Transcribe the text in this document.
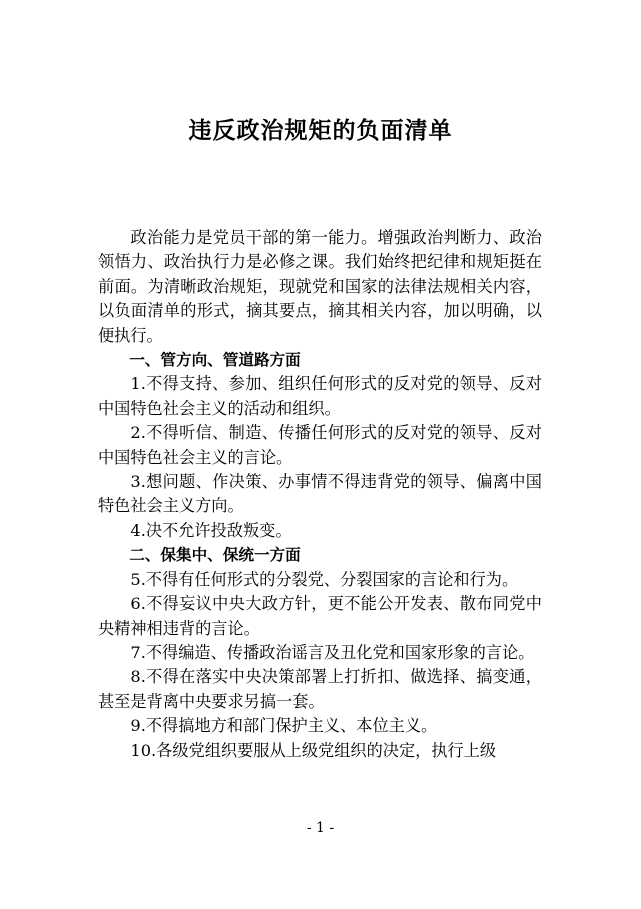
违反政治规矩的负面清单

政治能力是党员干部的第一能力。增强政治判断力、政治领悟力、政治执行力是必修之课。我们始终把纪律和规矩挺在前面。为清晰政治规矩，现就党和国家的法律法规相关内容，以负面清单的形式，摘其要点，摘其相关内容，加以明确，以便执行。

一、管方向、管道路方面

1.不得支持、参加、组织任何形式的反对党的领导、反对中国特色社会主义的活动和组织。

2.不得听信、制造、传播任何形式的反对党的领导、反对中国特色社会主义的言论。

3.想问题、作决策、办事情不得违背党的领导、偏离中国特色社会主义方向。

4.决不允许投敌叛变。

二、保集中、保统一方面

5.不得有任何形式的分裂党、分裂国家的言论和行为。

6.不得妄议中央大政方针，更不能公开发表、散布同党中央精神相违背的言论。

7.不得编造、传播政治谣言及丑化党和国家形象的言论。

8.不得在落实中央决策部署上打折扣、做选择、搞变通，甚至是背离中央要求另搞一套。

9.不得搞地方和部门保护主义、本位主义。

10.各级党组织要服从上级党组织的决定，执行上级

- 1 -
